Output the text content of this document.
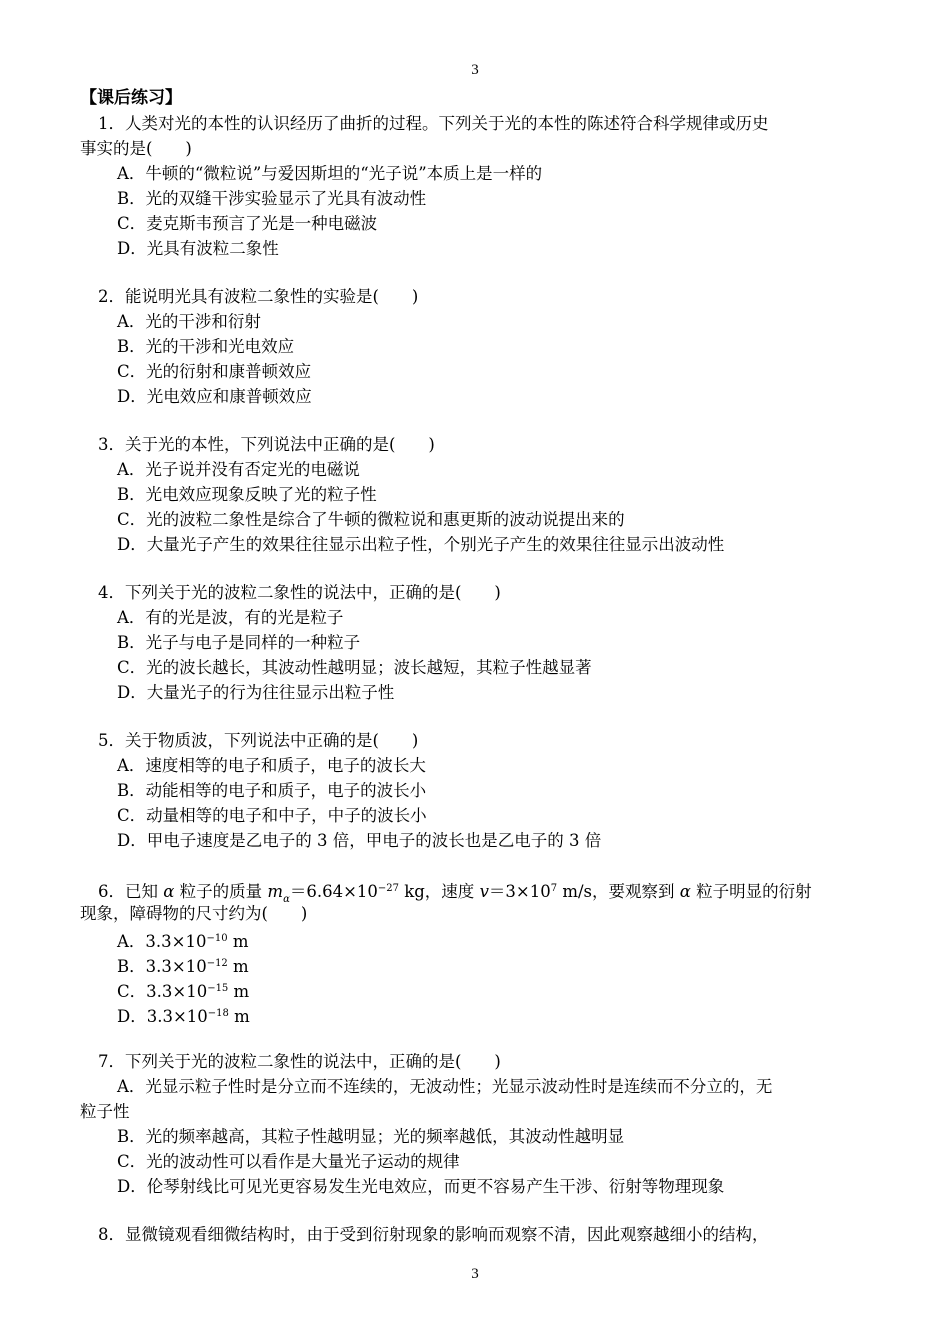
3
【课后练习】
1．人类对光的本性的认识经历了曲折的过程。下列关于光的本性的陈述符合科学规律或历史
事实的是(　　)
A．牛顿的“微粒说”与爱因斯坦的“光子说”本质上是一样的
B．光的双缝干涉实验显示了光具有波动性
C．麦克斯韦预言了光是一种电磁波
D．光具有波粒二象性
2．能说明光具有波粒二象性的实验是(　　)
A．光的干涉和衍射
B．光的干涉和光电效应
C．光的衍射和康普顿效应
D．光电效应和康普顿效应
3．关于光的本性，下列说法中正确的是(　　)
A．光子说并没有否定光的电磁说
B．光电效应现象反映了光的粒子性
C．光的波粒二象性是综合了牛顿的微粒说和惠更斯的波动说提出来的
D．大量光子产生的效果往往显示出粒子性，个别光子产生的效果往往显示出波动性
4．下列关于光的波粒二象性的说法中，正确的是(　　)
A．有的光是波，有的光是粒子
B．光子与电子是同样的一种粒子
C．光的波长越长，其波动性越明显；波长越短，其粒子性越显著
D．大量光子的行为往往显示出粒子性
5．关于物质波，下列说法中正确的是(　　)
A．速度相等的电子和质子，电子的波长大
B．动能相等的电子和质子，电子的波长小
C．动量相等的电子和中子，中子的波长小
D．甲电子速度是乙电子的 3 倍，甲电子的波长也是乙电子的 3 倍
6．已知 α 粒子的质量 $m_\alpha=6.64\times 10^{-27}$ kg，速度 $v=3\times 10^7$ m/s，要观察到 α 粒子明显的衍射
现象，障碍物的尺寸约为(　　)
A．$3.3\times 10^{-10}$ m
B．$3.3\times 10^{-12}$ m
C．$3.3\times 10^{-15}$ m
D．$3.3\times 10^{-18}$ m
7．下列关于光的波粒二象性的说法中，正确的是(　　)
A．光显示粒子性时是分立而不连续的，无波动性；光显示波动性时是连续而不分立的，无
粒子性
B．光的频率越高，其粒子性越明显；光的频率越低，其波动性越明显
C．光的波动性可以看作是大量光子运动的规律
D．伦琴射线比可见光更容易发生光电效应，而更不容易产生干涉、衍射等物理现象
8．显微镜观看细微结构时，由于受到衍射现象的影响而观察不清，因此观察越细小的结构，
3
